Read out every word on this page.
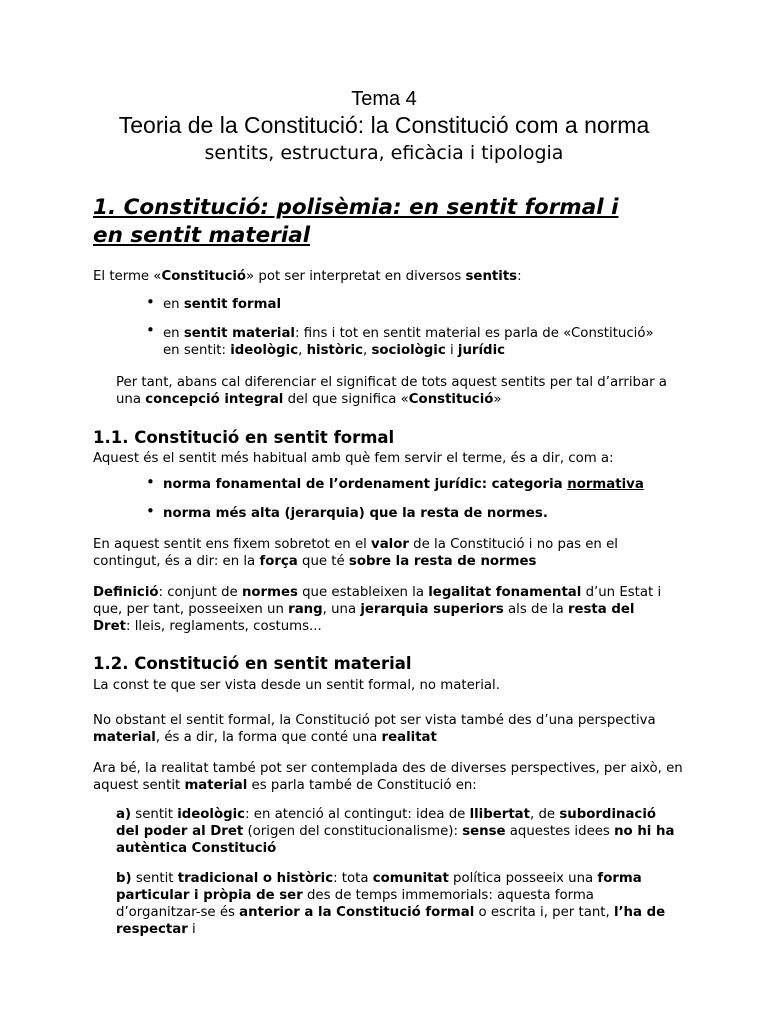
Tema 4
Teoria de la Constitució: la Constitució com a norma
sentits, estructura, eficàcia i tipologia
1. Constitució: polisèmia: en sentit formal i en sentit material
El terme «Constitució» pot ser interpretat en diversos sentits:
• en sentit formal
• en sentit material: fins i tot en sentit material es parla de «Constitució» en sentit: ideològic, històric, sociològic i jurídic
Per tant, abans cal diferenciar el significat de tots aquest sentits per tal d’arribar a una concepció integral del que significa «Constitució»
1.1. Constitució en sentit formal
Aquest és el sentit més habitual amb què fem servir el terme, és a dir, com a:
• norma fonamental de l’ordenament jurídic: categoria normativa
• norma més alta (jerarquia) que la resta de normes.
En aquest sentit ens fixem sobretot en el valor de la Constitució i no pas en el contingut, és a dir: en la força que té sobre la resta de normes
Definició: conjunt de normes que estableixen la legalitat fonamental d’un Estat i que, per tant, posseeixen un rang, una jerarquia superiors als de la resta del Dret: lleis, reglaments, costums...
1.2. Constitució en sentit material
La const te que ser vista desde un sentit formal, no material.
No obstant el sentit formal, la Constitució pot ser vista també des d’una perspectiva material, és a dir, la forma que conté una realitat
Ara bé, la realitat també pot ser contemplada des de diverses perspectives, per això, en aquest sentit material es parla també de Constitució en:
a) sentit ideològic: en atenció al contingut: idea de llibertat, de subordinació del poder al Dret (origen del constitucionalisme): sense aquestes idees no hi ha autèntica Constitució
b) sentit tradicional o històric: tota comunitat política posseeix una forma particular i pròpia de ser des de temps immemorials: aquesta forma d’organitzar-se és anterior a la Constitució formal o escrita i, per tant, l’ha de respectar i
